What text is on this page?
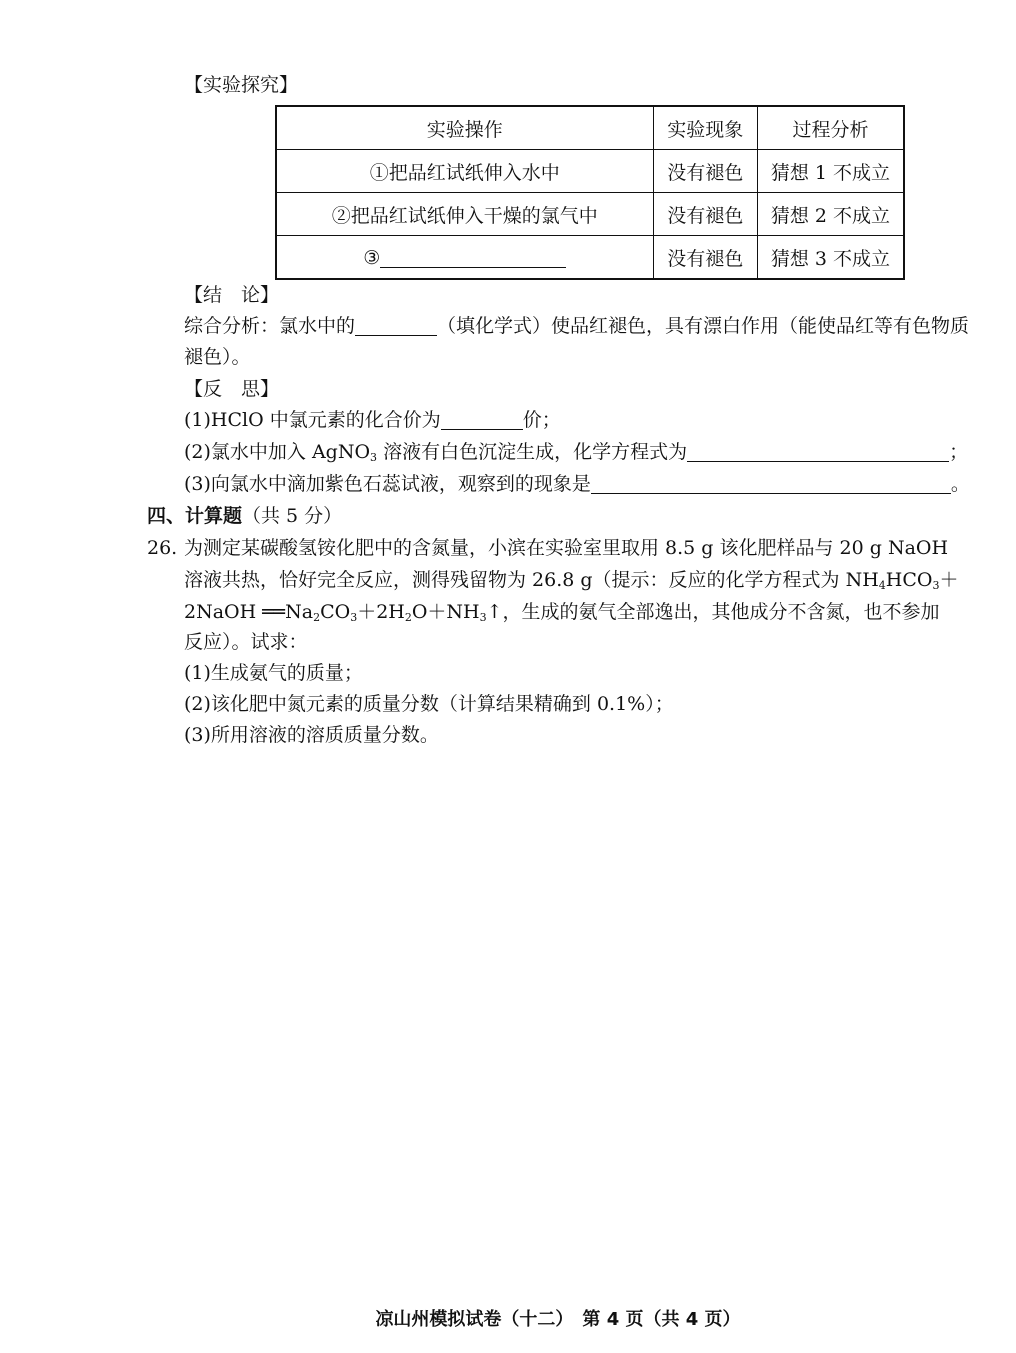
【实验探究】
实验操作	实验现象	过程分析
①把品红试纸伸入水中	没有褪色	猜想 1 不成立
②把品红试纸伸入干燥的氯气中	没有褪色	猜想 2 不成立
③	没有褪色	猜想 3 不成立
【结　论】
综合分析：氯水中的	（填化学式）使品红褪色，具有漂白作用（能使品红等有色物质
褪色）。
【反　思】
(1)HClO 中氯元素的化合价为	价；
(2)氯水中加入 AgNO$_3$ 溶液有白色沉淀生成，化学方程式为	；
(3)向氯水中滴加紫色石蕊试液，观察到的现象是	。
四、计算题（共 5 分）
26. 为测定某碳酸氢铵化肥中的含氮量，小滨在实验室里取用 8.5 g 该化肥样品与 20 g NaOH
溶液共热，恰好完全反应，测得残留物为 26.8 g（提示：反应的化学方程式为 $NH_4HCO_3+$
2NaOH $══Na_2CO_3+2H_2O+NH_3↑$，生成的氨气全部逸出，其他成分不含氮，也不参加
反应）。试求：
(1)生成氨气的质量；
(2)该化肥中氮元素的质量分数（计算结果精确到 0.1%）；
(3)所用溶液的溶质质量分数。
凉山州模拟试卷（十二）　第 4 页（共 4 页）
